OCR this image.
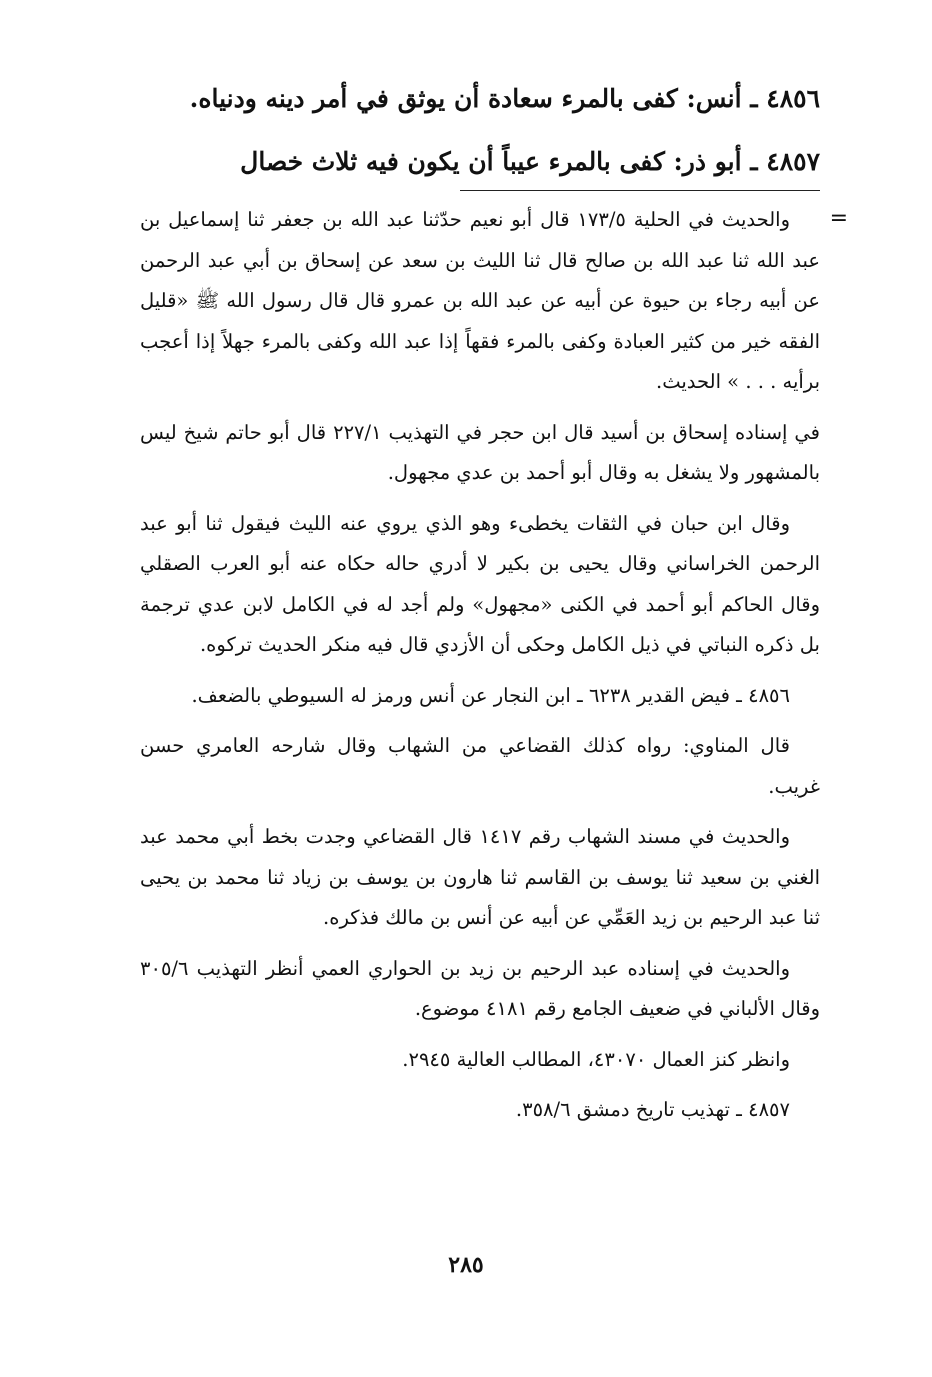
٤٨٥٦ ـ أنس: كفى بالمرء سعادة أن يوثق في أمر دينه ودنياه.
٤٨٥٧ ـ أبو ذر: كفى بالمرء عيباً أن يكون فيه ثلاث خصال
=

والحديث في الحلية ١٧٣/٥ قال أبو نعيم حدّثنا عبد الله بن جعفر ثنا إسماعيل بن عبد الله ثنا عبد الله بن صالح قال ثنا الليث بن سعد عن إسحاق بن أبي عبد الرحمن عن أبيه رجاء بن حيوة عن أبيه عن عبد الله بن عمرو قال قال رسول الله ﷺ «قليل الفقه خير من كثير العبادة وكفى بالمرء فقهاً إذا عبد الله وكفى بالمرء جهلاً إذا أعجب برأيه . . . » الحديث.

في إسناده إسحاق بن أسيد قال ابن حجر في التهذيب ٢٢٧/١ قال أبو حاتم شيخ ليس بالمشهور ولا يشغل به وقال أبو أحمد بن عدي مجهول.

وقال ابن حبان في الثقات يخطىء وهو الذي يروي عنه الليث فيقول ثنا أبو عبد الرحمن الخراساني وقال يحيى بن بكير لا أدري حاله حكاه عنه أبو العرب الصقلي وقال الحاكم أبو أحمد في الكنى «مجهول» ولم أجد له في الكامل لابن عدي ترجمة بل ذكره النباتي في ذيل الكامل وحكى أن الأزدي قال فيه منكر الحديث تركوه.

٤٨٥٦ ـ فيض القدير ٦٢٣٨ ـ ابن النجار عن أنس ورمز له السيوطي بالضعف.

قال المناوي: رواه كذلك القضاعي من الشهاب وقال شارحه العامري حسن غريب.

والحديث في مسند الشهاب رقم ١٤١٧ قال القضاعي وجدت بخط أبي محمد عبد الغني بن سعيد ثنا يوسف بن القاسم ثنا هارون بن يوسف بن زياد ثنا محمد بن يحيى ثنا عبد الرحيم بن زيد العَمِّي عن أبيه عن أنس بن مالك فذكره.

والحديث في إسناده عبد الرحيم بن زيد بن الحواري العمي أنظر التهذيب ٣٠٥/٦ وقال الألباني في ضعيف الجامع رقم ٤١٨١ موضوع.

وانظر كنز العمال ٤٣٠٧٠، المطالب العالية ٢٩٤٥.

٤٨٥٧ ـ تهذيب تاريخ دمشق ٣٥٨/٦.

٢٨٥
